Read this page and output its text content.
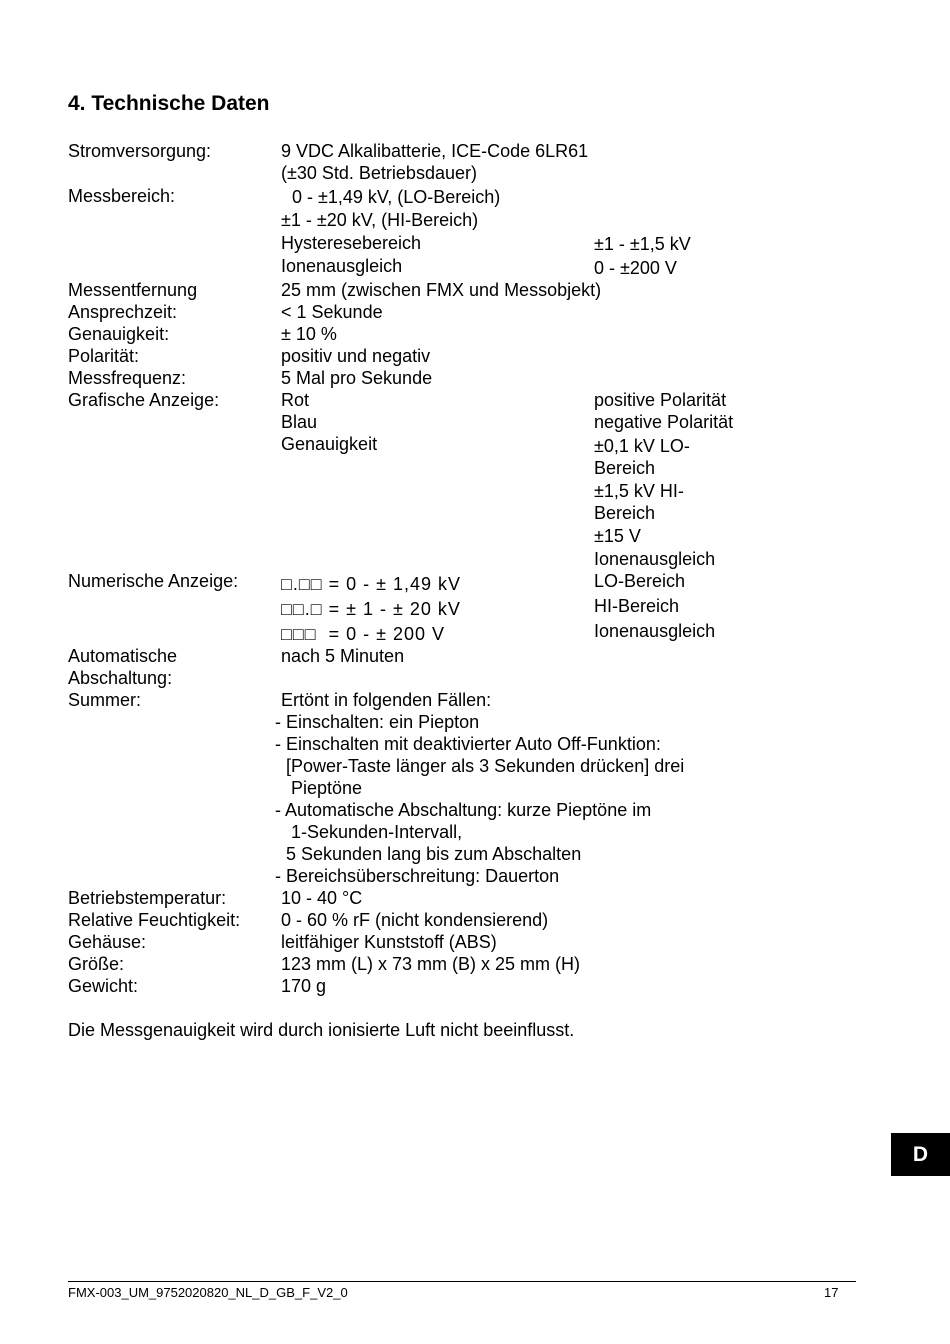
4. Technische Daten
Stromversorgung:	9 VDC Alkalibatterie, ICE-Code 6LR61
(±30 Std. Betriebsdauer)
Messbereich:	0 - ±1,49 kV, (LO-Bereich)
±1 - ±20 kV, (HI-Bereich)
Hysteresebereich	±1 - ±1,5 kV
Ionenausgleich	0 - ±200 V
Messentfernung	25 mm (zwischen FMX und Messobjekt)
Ansprechzeit:	< 1 Sekunde
Genauigkeit:	± 10 %
Polarität:	positiv und negativ
Messfrequenz:	5 Mal pro Sekunde
Grafische Anzeige:	Rot	positive Polarität
Blau	negative Polarität
Genauigkeit	±0,1 kV LO-
Bereich
±1,5 kV HI-
Bereich
±15 V
Ionenausgleich
Numerische Anzeige: □.□□ = 0 - ± 1,49 kV	LO-Bereich
□□.□ = ± 1 - ± 20 kV	HI-Bereich
□□□  = 0 - ± 200 V	Ionenausgleich
Automatische
Abschaltung:
nach 5 Minuten
Summer:	Ertönt in folgenden Fällen:
- Einschalten: ein Piepton
- Einschalten mit deaktivierter Auto Off-Funktion:
[Power-Taste länger als 3 Sekunden drücken] drei
Pieptöne
- Automatische Abschaltung: kurze Pieptöne im
1-Sekunden-Intervall,
5 Sekunden lang bis zum Abschalten
- Bereichsüberschreitung: Dauerton
Betriebstemperatur:	10 - 40 °C
Relative Feuchtigkeit: 0 - 60 % rF (nicht kondensierend)
Gehäuse:	leitfähiger Kunststoff (ABS)
Größe:	123 mm (L) x 73 mm (B) x 25 mm (H)
Gewicht:	170 g
Die Messgenauigkeit wird durch ionisierte Luft nicht beeinflusst.
D
FMX-003_UM_9752020820_NL_D_GB_F_V2_0	17
